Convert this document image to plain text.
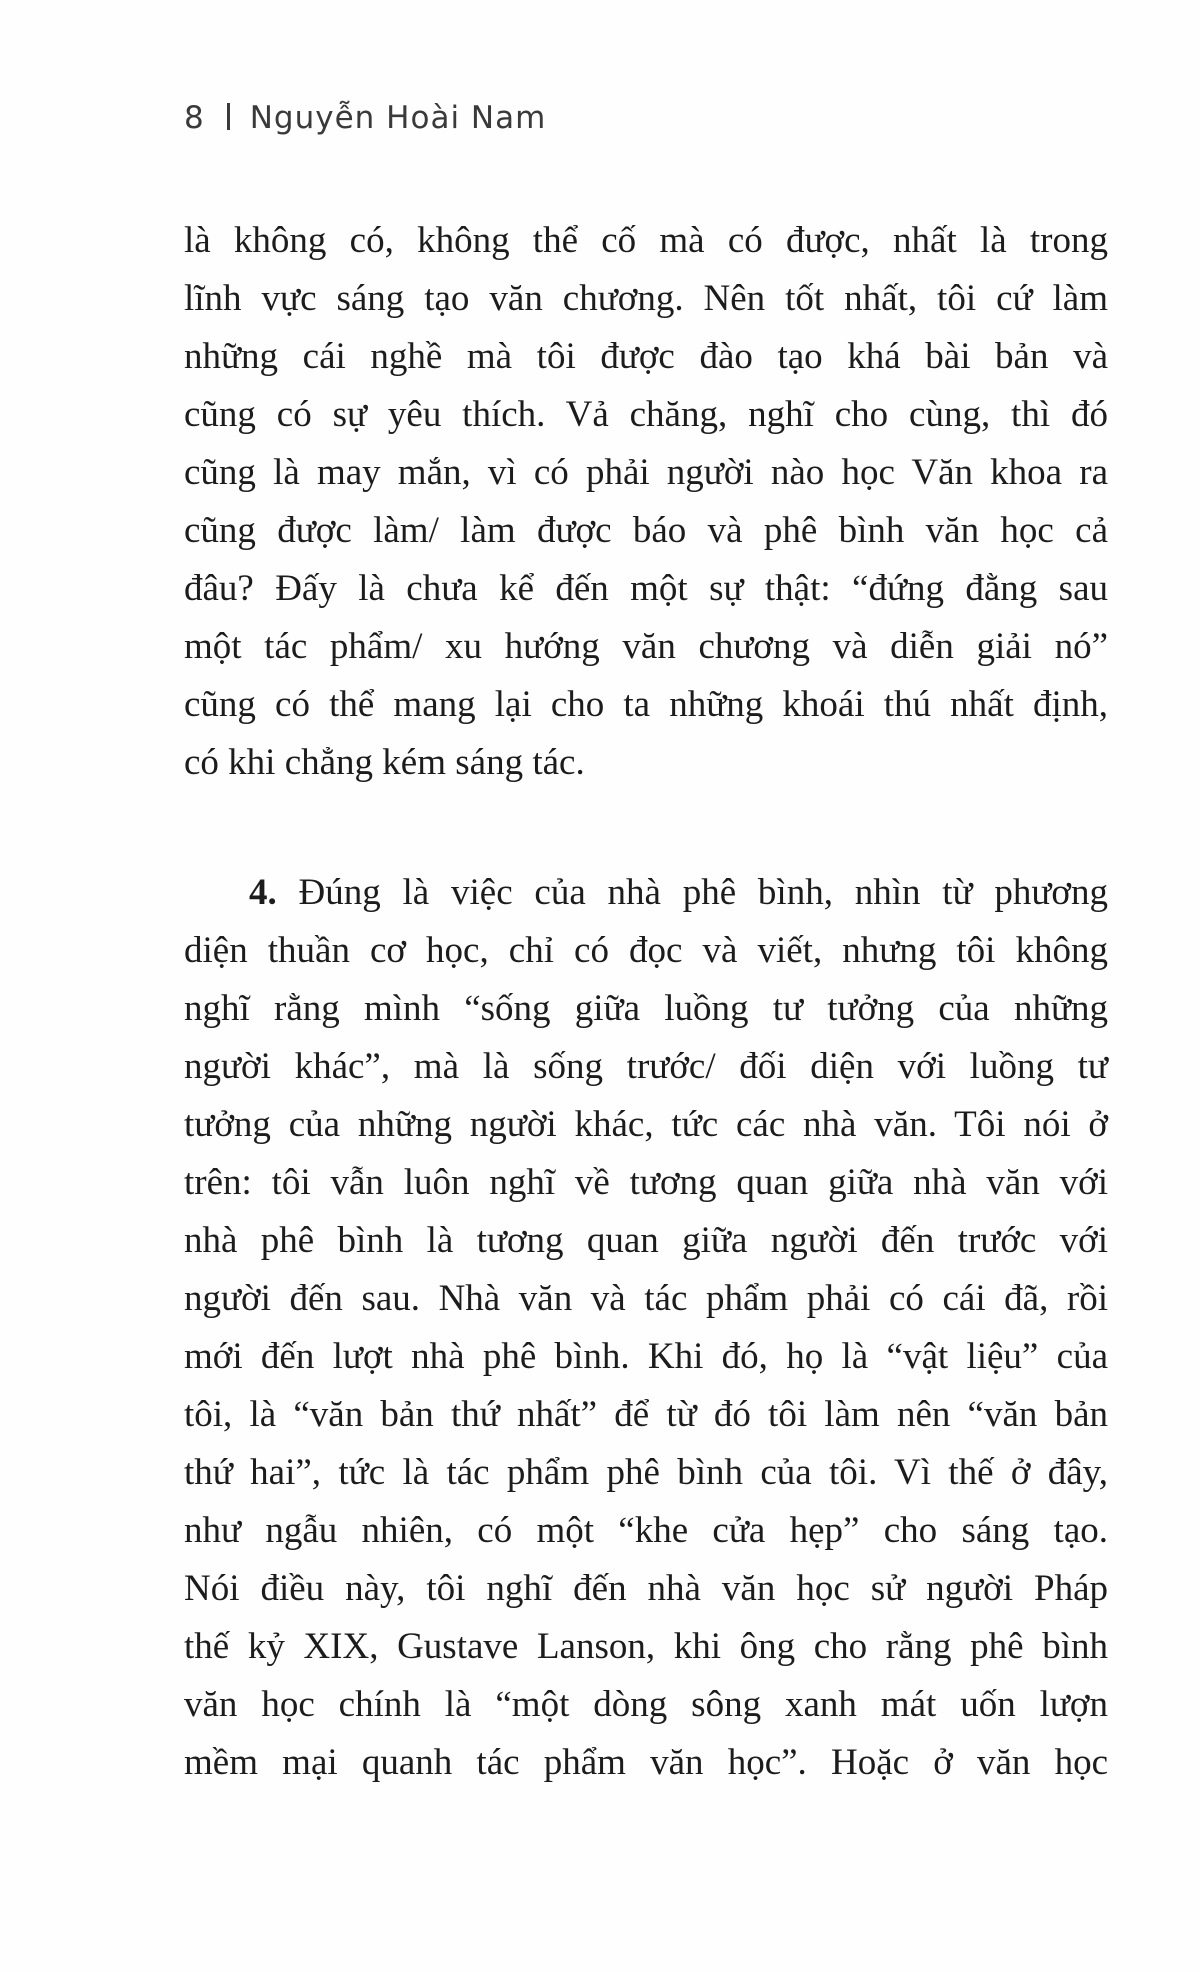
8 Nguyễn Hoài Nam
là không có, không thể cố mà có được, nhất là trong
lĩnh vực sáng tạo văn chương. Nên tốt nhất, tôi cứ làm
những cái nghề mà tôi được đào tạo khá bài bản và
cũng có sự yêu thích. Vả chăng, nghĩ cho cùng, thì đó
cũng là may mắn, vì có phải người nào học Văn khoa ra
cũng được làm/ làm được báo và phê bình văn học cả
đâu? Đấy là chưa kể đến một sự thật: “đứng đằng sau
một tác phẩm/ xu hướng văn chương và diễn giải nó”
cũng có thể mang lại cho ta những khoái thú nhất định,
có khi chẳng kém sáng tác.
4. Đúng là việc của nhà phê bình, nhìn từ phương
diện thuần cơ học, chỉ có đọc và viết, nhưng tôi không
nghĩ rằng mình “sống giữa luồng tư tưởng của những
người khác”, mà là sống trước/ đối diện với luồng tư
tưởng của những người khác, tức các nhà văn. Tôi nói ở
trên: tôi vẫn luôn nghĩ về tương quan giữa nhà văn với
nhà phê bình là tương quan giữa người đến trước với
người đến sau. Nhà văn và tác phẩm phải có cái đã, rồi
mới đến lượt nhà phê bình. Khi đó, họ là “vật liệu” của
tôi, là “văn bản thứ nhất” để từ đó tôi làm nên “văn bản
thứ hai”, tức là tác phẩm phê bình của tôi. Vì thế ở đây,
như ngẫu nhiên, có một “khe cửa hẹp” cho sáng tạo.
Nói điều này, tôi nghĩ đến nhà văn học sử người Pháp
thế kỷ XIX, Gustave Lanson, khi ông cho rằng phê bình
văn học chính là “một dòng sông xanh mát uốn lượn
mềm mại quanh tác phẩm văn học”. Hoặc ở văn học
